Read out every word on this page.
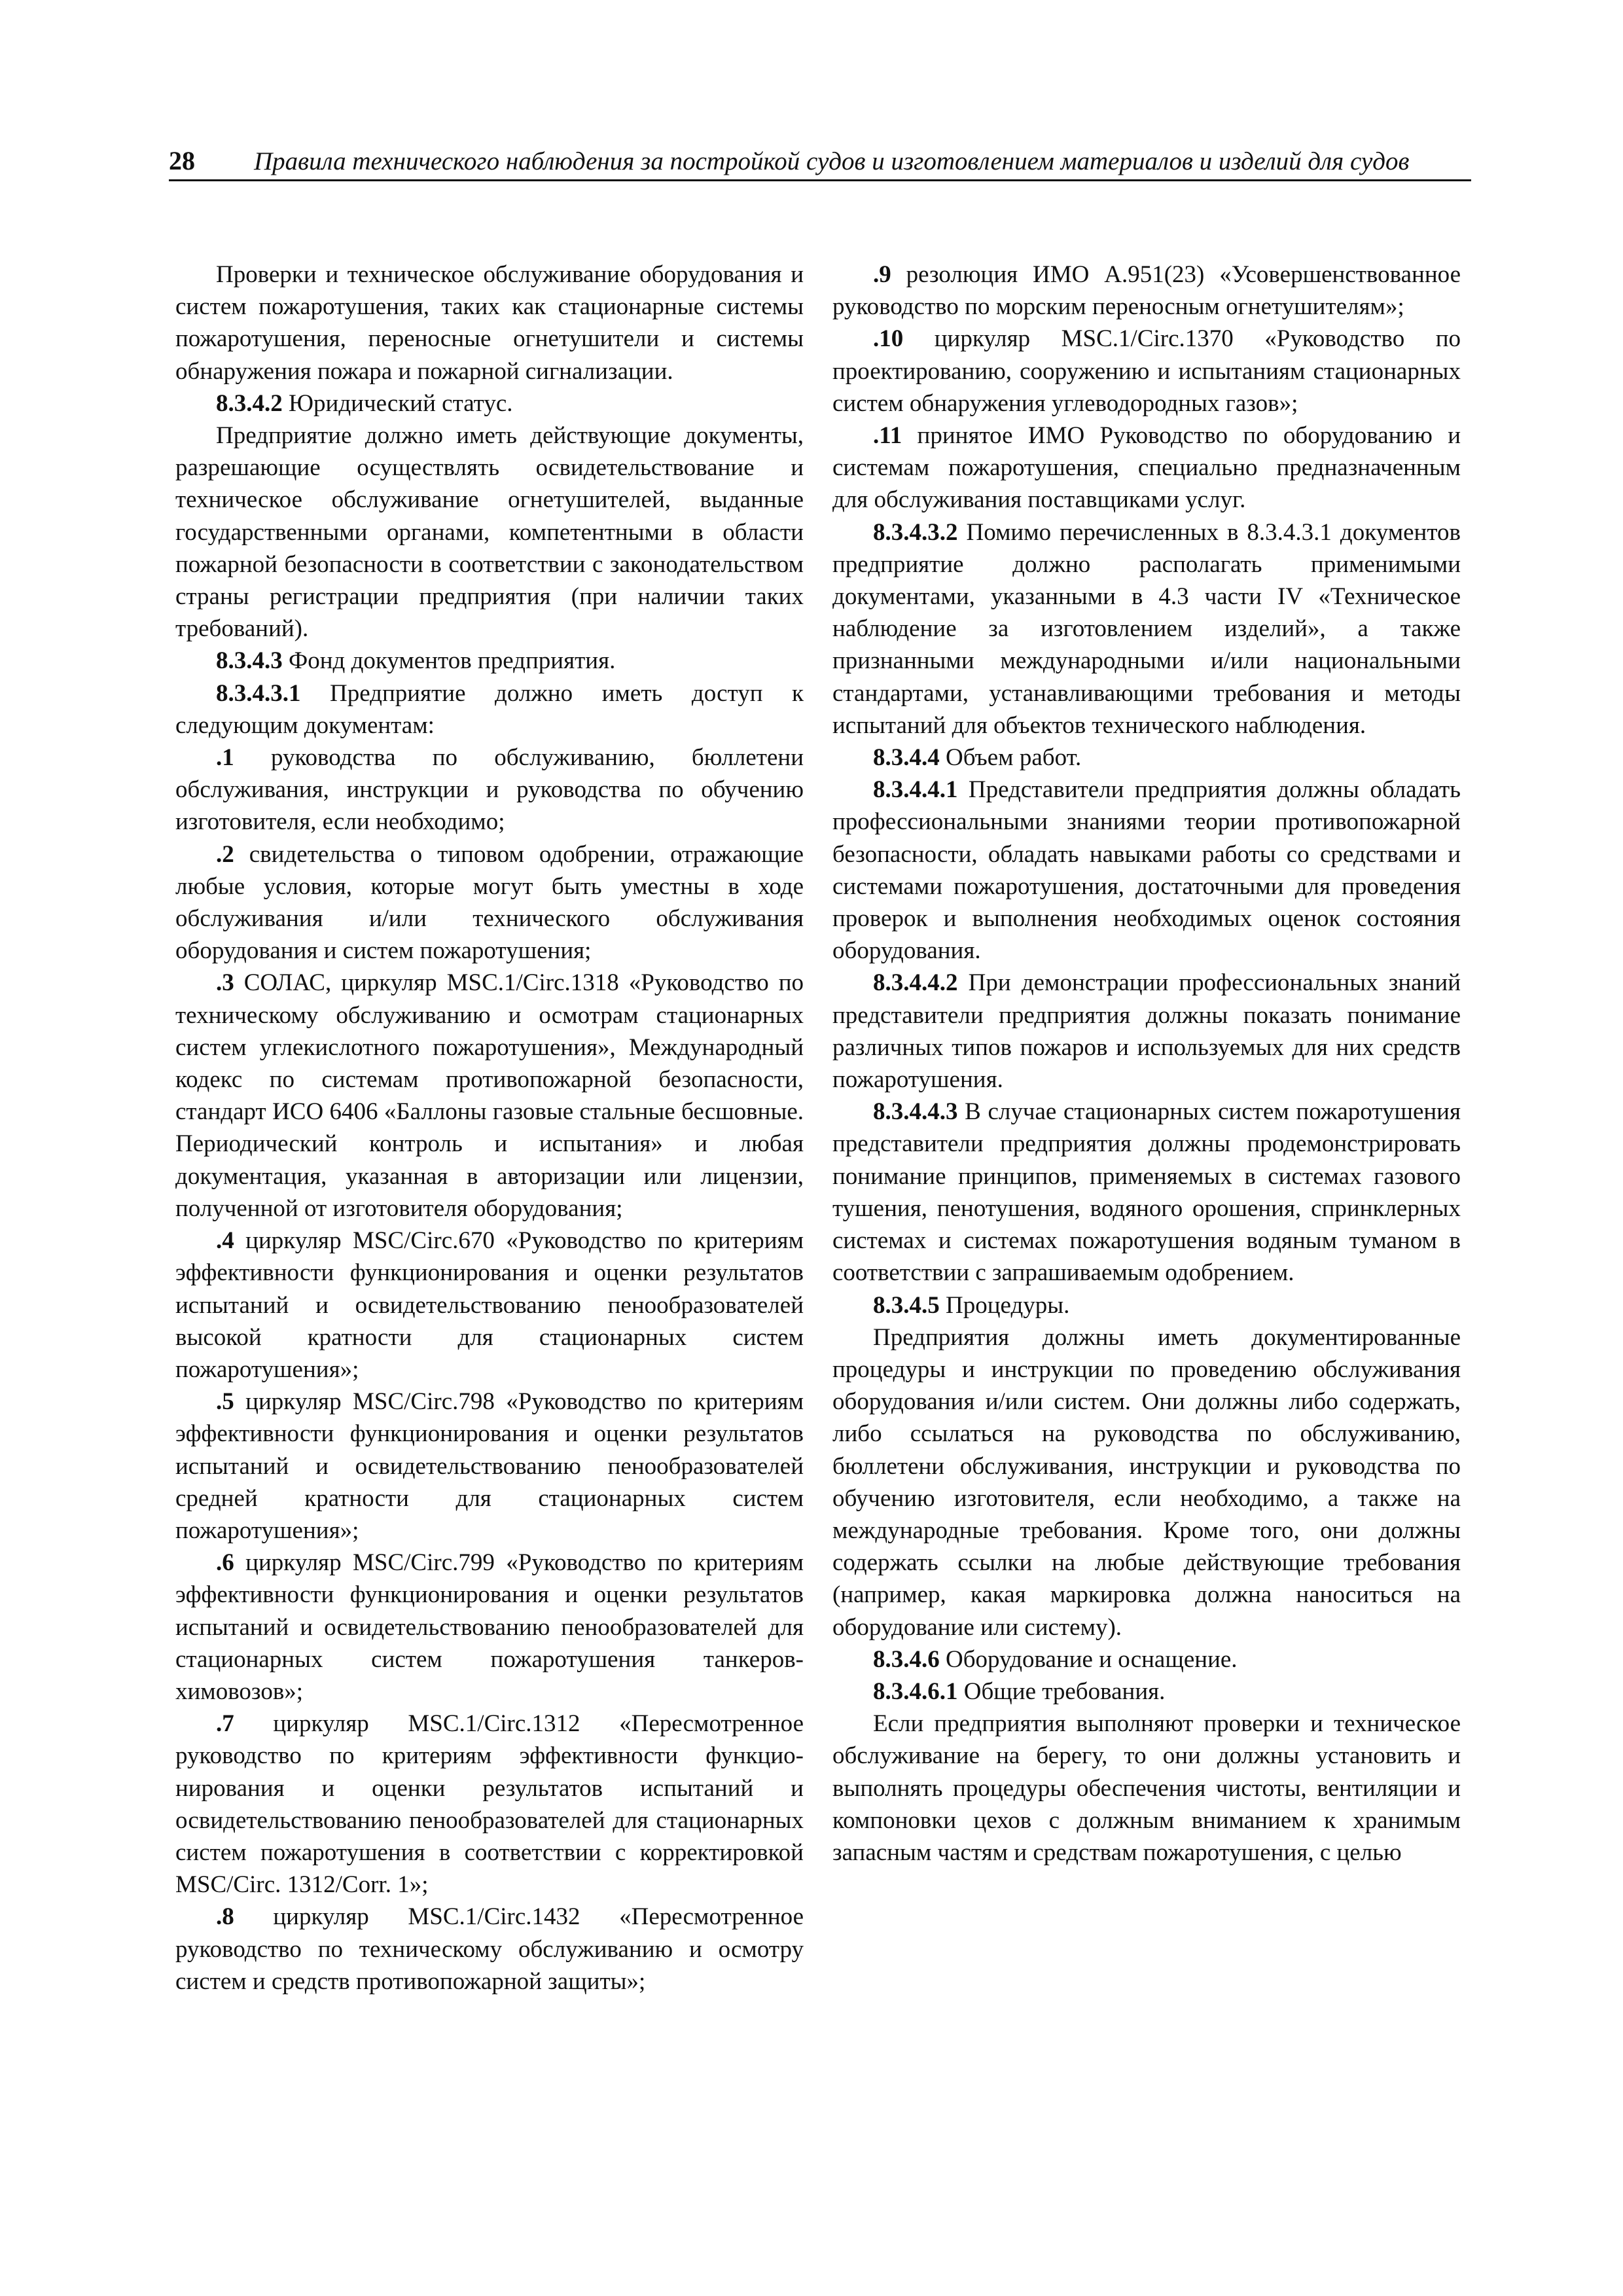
28 Правила технического наблюдения за постройкой судов и изготовлением материалов и изделий для судов

Проверки и техническое обслуживание оборудования и систем пожаротушения, таких как стационарные системы пожаротушения, переносные огнетушители и системы обнаружения пожара и пожарной сигнализации.

8.3.4.2 Юридический статус.

Предприятие должно иметь действующие документы, разрешающие осуществлять освидетельствование и техническое обслуживание огнетушителей, выданные государственными органами, компетентными в области пожарной безопасности в соответствии с законодательством страны регистрации предприятия (при наличии таких требований).

8.3.4.3 Фонд документов предприятия.

8.3.4.3.1 Предприятие должно иметь доступ к следующим документам:

.1 руководства по обслуживанию, бюллетени обслуживания, инструкции и руководства по обучению изготовителя, если необходимо;

.2 свидетельства о типовом одобрении, отражающие любые условия, которые могут быть уместны в ходе обслуживания и/или технического обслуживания оборудования и систем пожаротушения;

.3 СОЛАС, циркуляр MSC.1/Circ.1318 «Руководство по техническому обслуживанию и осмотрам стационарных систем углекислотного пожаротушения», Международный кодекс по системам противопожарной безопасности, стандарт ИСО 6406 «Баллоны газовые стальные бесшовные. Периодический контроль и испытания» и любая документация, указанная в авторизации или лицензии, полученной от изготовителя оборудования;

.4 циркуляр MSC/Circ.670 «Руководство по критериям эффективности функционирования и оценки результатов испытаний и освидетельствованию пенообразователей высокой кратности для стационарных систем пожаротушения»;

.5 циркуляр MSC/Circ.798 «Руководство по критериям эффективности функционирования и оценки результатов испытаний и освидетельствованию пенообразователей средней кратности для стационарных систем пожаротушения»;

.6 циркуляр MSC/Circ.799 «Руководство по критериям эффективности функционирования и оценки результатов испытаний и освидетельствованию пенообразователей для стационарных систем пожаротушения танкеров-химовозов»;

.7 циркуляр MSC.1/Circ.1312 «Пересмотренное руководство по критериям эффективности функционирования и оценки результатов испытаний и освидетельствованию пенообразователей для стационарных систем пожаротушения в соответствии с корректировкой MSC/Circ. 1312/Corr. 1»;

.8 циркуляр MSC.1/Circ.1432 «Пересмотренное руководство по техническому обслуживанию и осмотру систем и средств противопожарной защиты»;

.9 резолюция ИМО А.951(23) «Усовершенствованное руководство по морским переносным огнетушителям»;

.10 циркуляр MSC.1/Circ.1370 «Руководство по проектированию, сооружению и испытаниям стационарных систем обнаружения углеводородных газов»;

.11 принятое ИМО Руководство по оборудованию и системам пожаротушения, специально предназначенным для обслуживания поставщиками услуг.

8.3.4.3.2 Помимо перечисленных в 8.3.4.3.1 документов предприятие должно располагать применимыми документами, указанными в 4.3 части IV «Техническое наблюдение за изготовлением изделий», а также признанными международными и/или национальными стандартами, устанавливающими требования и методы испытаний для объектов технического наблюдения.

8.3.4.4 Объем работ.

8.3.4.4.1 Представители предприятия должны обладать профессиональными знаниями теории противопожарной безопасности, обладать навыками работы со средствами и системами пожаротушения, достаточными для проведения проверок и выполнения необходимых оценок состояния оборудования.

8.3.4.4.2 При демонстрации профессиональных знаний представители предприятия должны показать понимание различных типов пожаров и используемых для них средств пожаротушения.

8.3.4.4.3 В случае стационарных систем пожаротушения представители предприятия должны продемонстрировать понимание принципов, применяемых в системах газового тушения, пенотушения, водяного орошения, спринклерных системах и системах пожаротушения водяным туманом в соответствии с запрашиваемым одобрением.

8.3.4.5 Процедуры.

Предприятия должны иметь документированные процедуры и инструкции по проведению обслуживания оборудования и/или систем. Они должны либо содержать, либо ссылаться на руководства по обслуживанию, бюллетени обслуживания, инструкции и руководства по обучению изготовителя, если необходимо, а также на международные требования. Кроме того, они должны содержать ссылки на любые действующие требования (например, какая маркировка должна наноситься на оборудование или систему).

8.3.4.6 Оборудование и оснащение.

8.3.4.6.1 Общие требования.

Если предприятия выполняют проверки и техническое обслуживание на берегу, то они должны установить и выполнять процедуры обеспечения чистоты, вентиляции и компоновки цехов с должным вниманием к хранимым запасным частям и средствам пожаротушения, с целью
